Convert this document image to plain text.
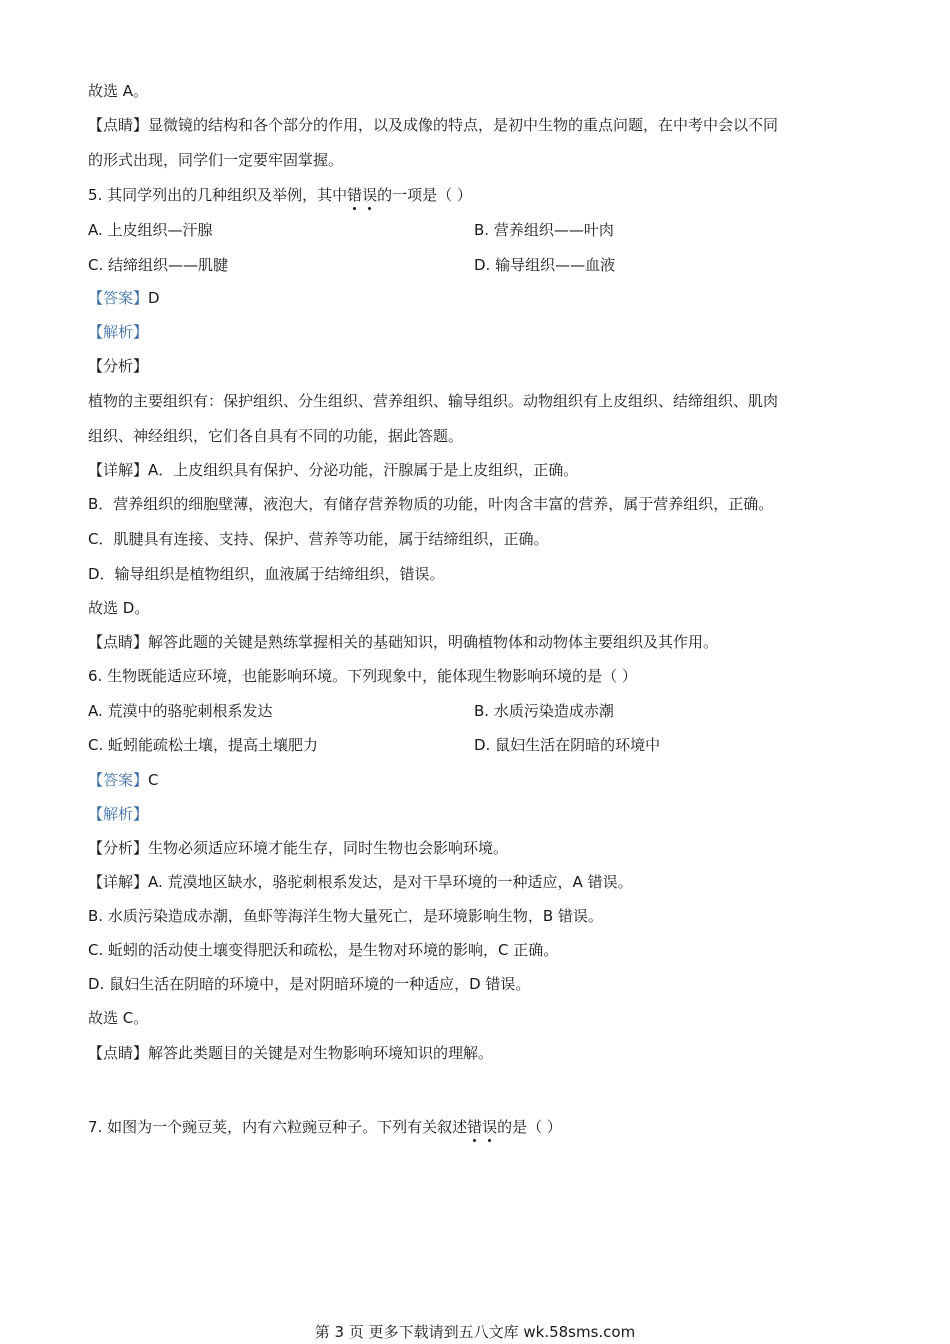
故选 A。
【点睛】显微镜的结构和各个部分的作用，以及成像的特点，是初中生物的重点问题，在中考中会以不同
的形式出现，同学们一定要牢固掌握。
5. 其同学列出的几种组织及举例，其中错误的一项是（ ）
A. 上皮组织—汗腺	B. 营养组织——叶肉
C. 结缔组织——肌腱	D. 输导组织——血液
【答案】D
【解析】
【分析】
植物的主要组织有：保护组织、分生组织、营养组织、输导组织。动物组织有上皮组织、结缔组织、肌肉
组织、神经组织，它们各自具有不同的功能，据此答题。
【详解】A．上皮组织具有保护、分泌功能，汗腺属于是上皮组织，正确。
B．营养组织的细胞壁薄，液泡大，有储存营养物质的功能，叶肉含丰富的营养，属于营养组织，正确。
C．肌腱具有连接、支持、保护、营养等功能，属于结缔组织，正确。
D．输导组织是植物组织，血液属于结缔组织，错误。
故选 D。
【点睛】解答此题的关键是熟练掌握相关的基础知识，明确植物体和动物体主要组织及其作用。
6. 生物既能适应环境，也能影响环境。下列现象中，能体现生物影响环境的是（ ）
A. 荒漠中的骆驼刺根系发达	B. 水质污染造成赤潮
C. 蚯蚓能疏松土壤，提高土壤肥力	D. 鼠妇生活在阴暗的环境中
【答案】C
【解析】
【分析】生物必须适应环境才能生存，同时生物也会影响环境。
【详解】A. 荒漠地区缺水，骆驼刺根系发达，是对干旱环境的一种适应，A 错误。
B. 水质污染造成赤潮，鱼虾等海洋生物大量死亡，是环境影响生物，B 错误。
C. 蚯蚓的活动使土壤变得肥沃和疏松，是生物对环境的影响，C 正确。
D. 鼠妇生活在阴暗的环境中，是对阴暗环境的一种适应，D 错误。
故选 C。
【点睛】解答此类题目的关键是对生物影响环境知识的理解。
7. 如图为一个豌豆荚，内有六粒豌豆种子。下列有关叙述错误的是（ ）
第 3 页 更多下载请到五八文库 wk.58sms.com
